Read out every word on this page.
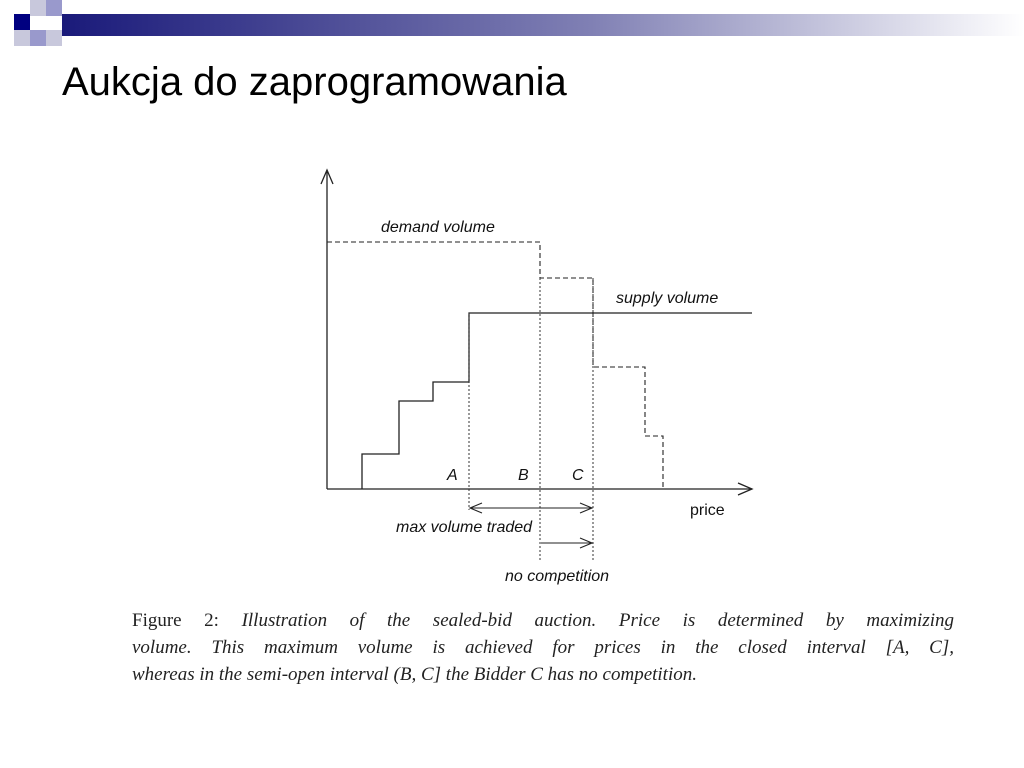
Aukcja do zaprogramowania
demand volume
supply volume
A	B	C
price
max volume traded
no competition
Figure 2: Illustration of the sealed-bid auction. Price is determined by maximizing
volume. This maximum volume is achieved for prices in the closed interval [A, C],
whereas in the semi-open interval (B, C] the Bidder C has no competition.
